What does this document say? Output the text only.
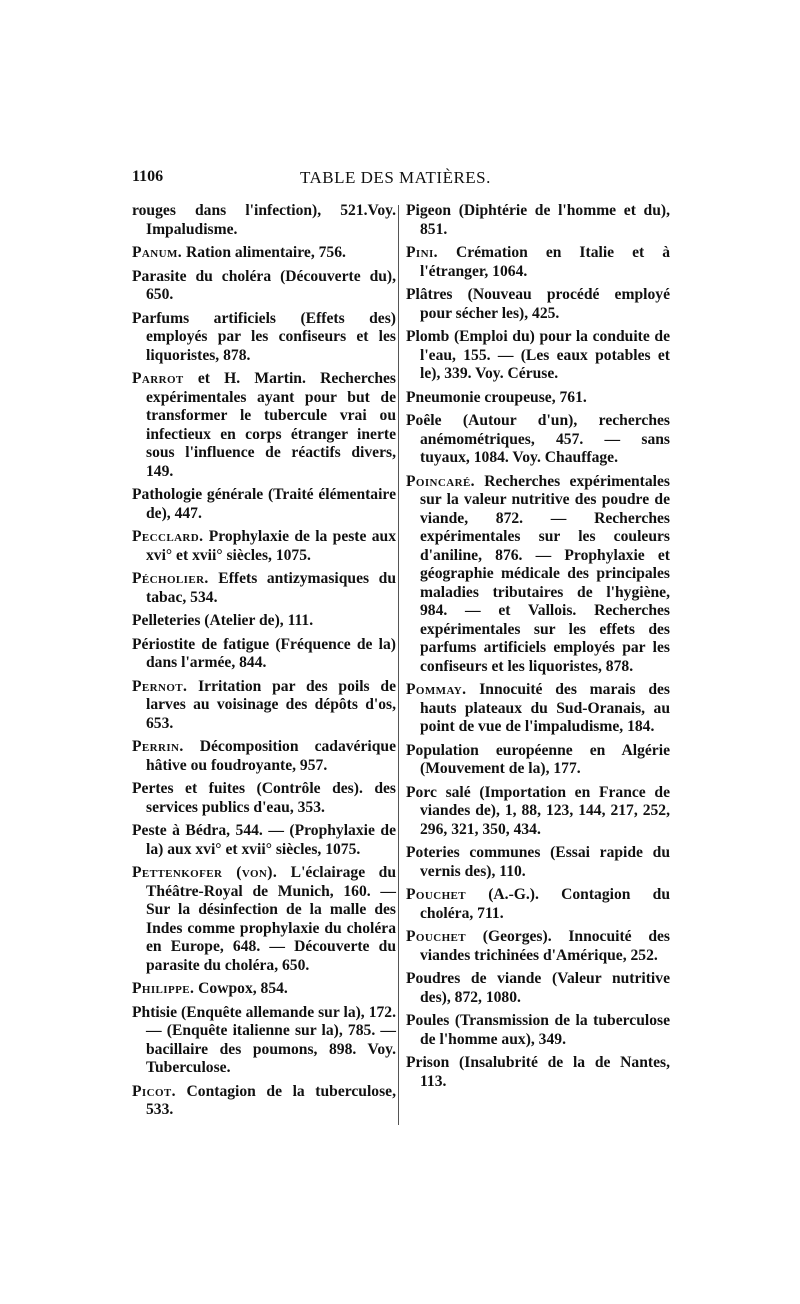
1106	TABLE DES MATIÈRES.
rouges dans l'infection), 521.Voy. Impaludisme.
Panum. Ration alimentaire, 756.
Parasite du choléra (Découverte du), 650.
Parfums artificiels (Effets des) employés par les confiseurs et les liquoristes, 878.
Parrot et H. Martin. Recherches expérimentales ayant pour but de transformer le tubercule vrai ou infectieux en corps étranger inerte sous l'influence de réactifs divers, 149.
Pathologie générale (Traité élémentaire de), 447.
Pecclard. Prophylaxie de la peste aux xvi° et xvii° siècles, 1075.
Pécholier. Effets antizymasiques du tabac, 534.
Pelleteries (Atelier de), 111.
Périostite de fatigue (Fréquence de la) dans l'armée, 844.
Pernot. Irritation par des poils de larves au voisinage des dépôts d'os, 653.
Perrin. Décomposition cadavérique hâtive ou foudroyante, 957.
Pertes et fuites (Contrôle des). des services publics d'eau, 353.
Peste à Bédra, 544. — (Prophylaxie de la) aux xvi° et xvii° siècles, 1075.
Pettenkofer (von). L'éclairage du Théâtre-Royal de Munich, 160. — Sur la désinfection de la malle des Indes comme prophylaxie du choléra en Europe, 648. — Découverte du parasite du choléra, 650.
Philippe. Cowpox, 854.
Phtisie (Enquête allemande sur la), 172. — (Enquête italienne sur la), 785. — bacillaire des poumons, 898. Voy. Tuberculose.
Picot. Contagion de la tuberculose, 533.
Pigeon (Diphtérie de l'homme et du), 851.
Pini. Crémation en Italie et à l'étranger, 1064.
Plâtres (Nouveau procédé employé pour sécher les), 425.
Plomb (Emploi du) pour la conduite de l'eau, 155. — (Les eaux potables et le), 339. Voy. Céruse.
Pneumonie croupeuse, 761.
Poêle (Autour d'un), recherches anémométriques, 457. — sans tuyaux, 1084. Voy. Chauffage.
Poincaré. Recherches expérimentales sur la valeur nutritive des poudre de viande, 872. — Recherches expérimentales sur les couleurs d'aniline, 876. — Prophylaxie et géographie médicale des principales maladies tributaires de l'hygiène, 984. — et Vallois. Recherches expérimentales sur les effets des parfums artificiels employés par les confiseurs et les liquoristes, 878.
Pommay. Innocuité des marais des hauts plateaux du Sud-Oranais, au point de vue de l'impaludisme, 184.
Population européenne en Algérie (Mouvement de la), 177.
Porc salé (Importation en France de viandes de), 1, 88, 123, 144, 217, 252, 296, 321, 350, 434.
Poteries communes (Essai rapide du vernis des), 110.
Pouchet (A.-G.). Contagion du choléra, 711.
Pouchet (Georges). Innocuité des viandes trichinées d'Amérique, 252.
Poudres de viande (Valeur nutritive des), 872, 1080.
Poules (Transmission de la tuberculose de l'homme aux), 349.
Prison (Insalubrité de la de Nantes, 113.
